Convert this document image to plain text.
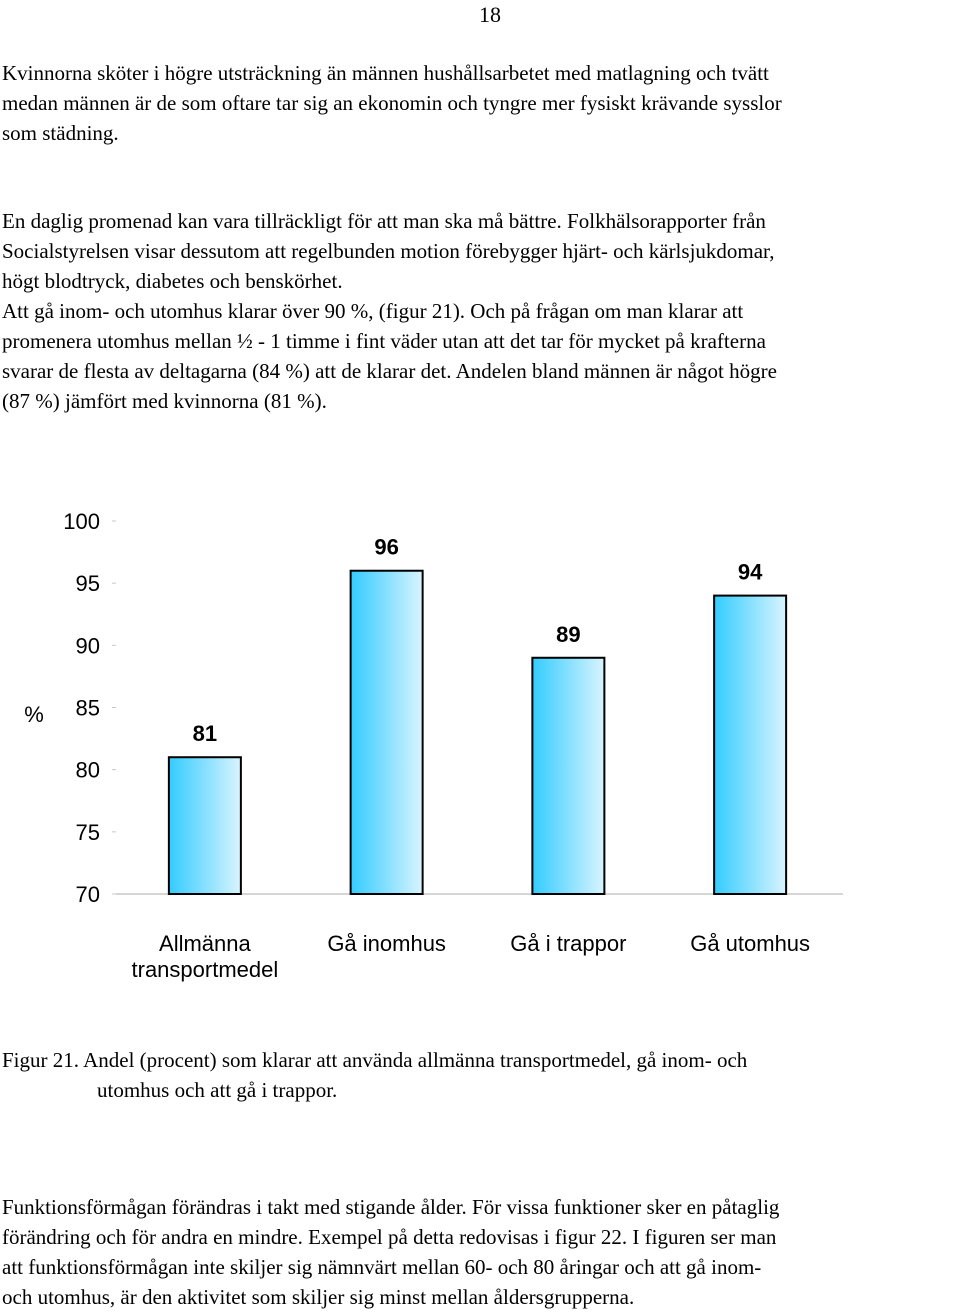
18
Kvinnorna sköter i högre utsträckning än männen hushållsarbetet med matlagning och tvätt
medan männen är de som oftare tar sig an ekonomin och tyngre mer fysiskt krävande sysslor
som städning.
En daglig promenad kan vara tillräckligt för att man ska må bättre. Folkhälsorapporter från
Socialstyrelsen visar dessutom att regelbunden motion förebygger hjärt- och kärlsjukdomar,
högt blodtryck, diabetes och benskörhet.
Att gå inom- och utomhus klarar över 90 %, (figur 21). Och på frågan om man klarar att
promenera utomhus mellan ½ - 1 timme i fint väder utan att det tar för mycket på krafterna
svarar de flesta av deltagarna (84 %) att de klarar det. Andelen bland männen är något högre
(87 %) jämfört med kvinnorna (81 %).
70
75
80
85
90
95
100
%
81
Allmänna
transportmedel
96
Gå inomhus
89
Gå i trappor
94
Gå utomhus
Figur 21. Andel (procent) som klarar att använda allmänna transportmedel, gå inom- och
utomhus och att gå i trappor.
Funktionsförmågan förändras i takt med stigande ålder. För vissa funktioner sker en påtaglig
förändring och för andra en mindre. Exempel på detta redovisas i figur 22. I figuren ser man
att funktionsförmågan inte skiljer sig nämnvärt mellan 60- och 80 åringar och att gå inom-
och utomhus, är den aktivitet som skiljer sig minst mellan åldersgrupperna.
